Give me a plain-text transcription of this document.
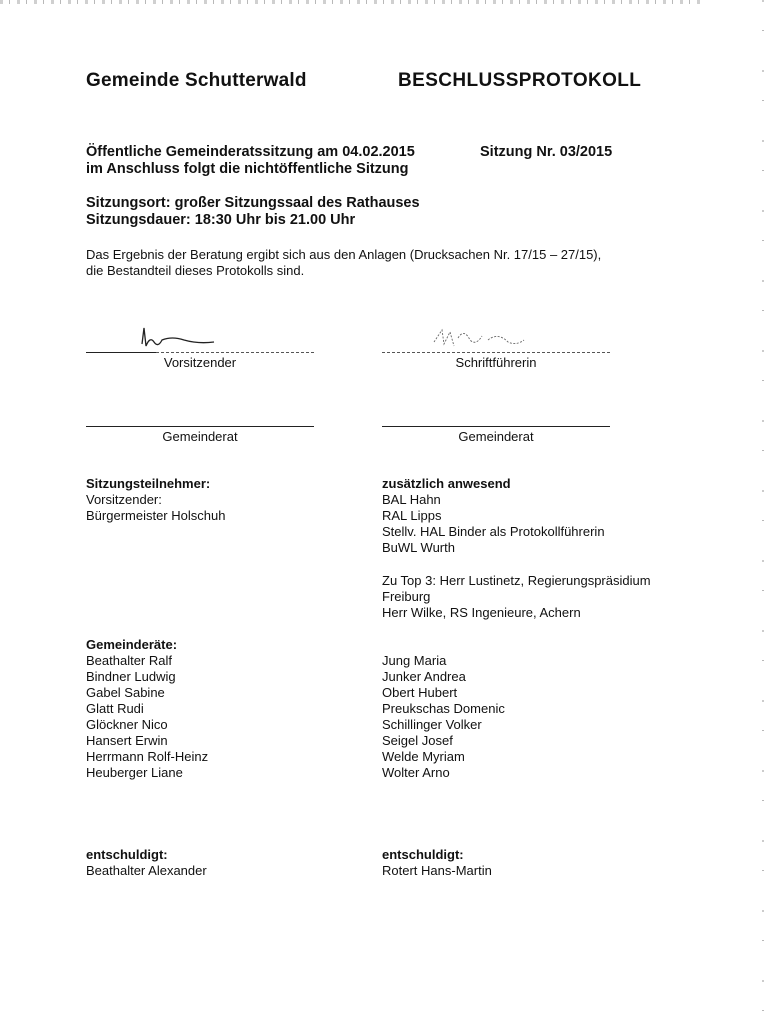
Gemeinde Schutterwald	BESCHLUSSPROTOKOLL
Öffentliche Gemeinderatssitzung am 04.02.2015	Sitzung Nr. 03/2015
im Anschluss folgt die nichtöffentliche Sitzung
Sitzungsort: großer Sitzungssaal des Rathauses
Sitzungsdauer: 18:30 Uhr bis 21.00 Uhr
Das Ergebnis der Beratung ergibt sich aus den Anlagen (Drucksachen Nr. 17/15 – 27/15),
die Bestandteil dieses Protokolls sind.
Vorsitzender	Schriftführerin
Gemeinderat	Gemeinderat
Sitzungsteilnehmer:
Vorsitzender:
Bürgermeister Holschuh
zusätzlich anwesend
BAL Hahn
RAL Lipps
Stellv. HAL Binder als Protokollführerin
BuWL Wurth
Zu Top 3: Herr Lustinetz, Regierungspräsidium
Freiburg
Herr Wilke, RS Ingenieure, Achern
Gemeinderäte:
Beathalter Ralf
Bindner Ludwig
Gabel Sabine
Glatt Rudi
Glöckner Nico
Hansert Erwin
Herrmann Rolf-Heinz
Heuberger Liane
Jung Maria
Junker Andrea
Obert Hubert
Preukschas Domenic
Schillinger Volker
Seigel Josef
Welde Myriam
Wolter Arno
entschuldigt:
Beathalter Alexander
entschuldigt:
Rotert Hans-Martin
